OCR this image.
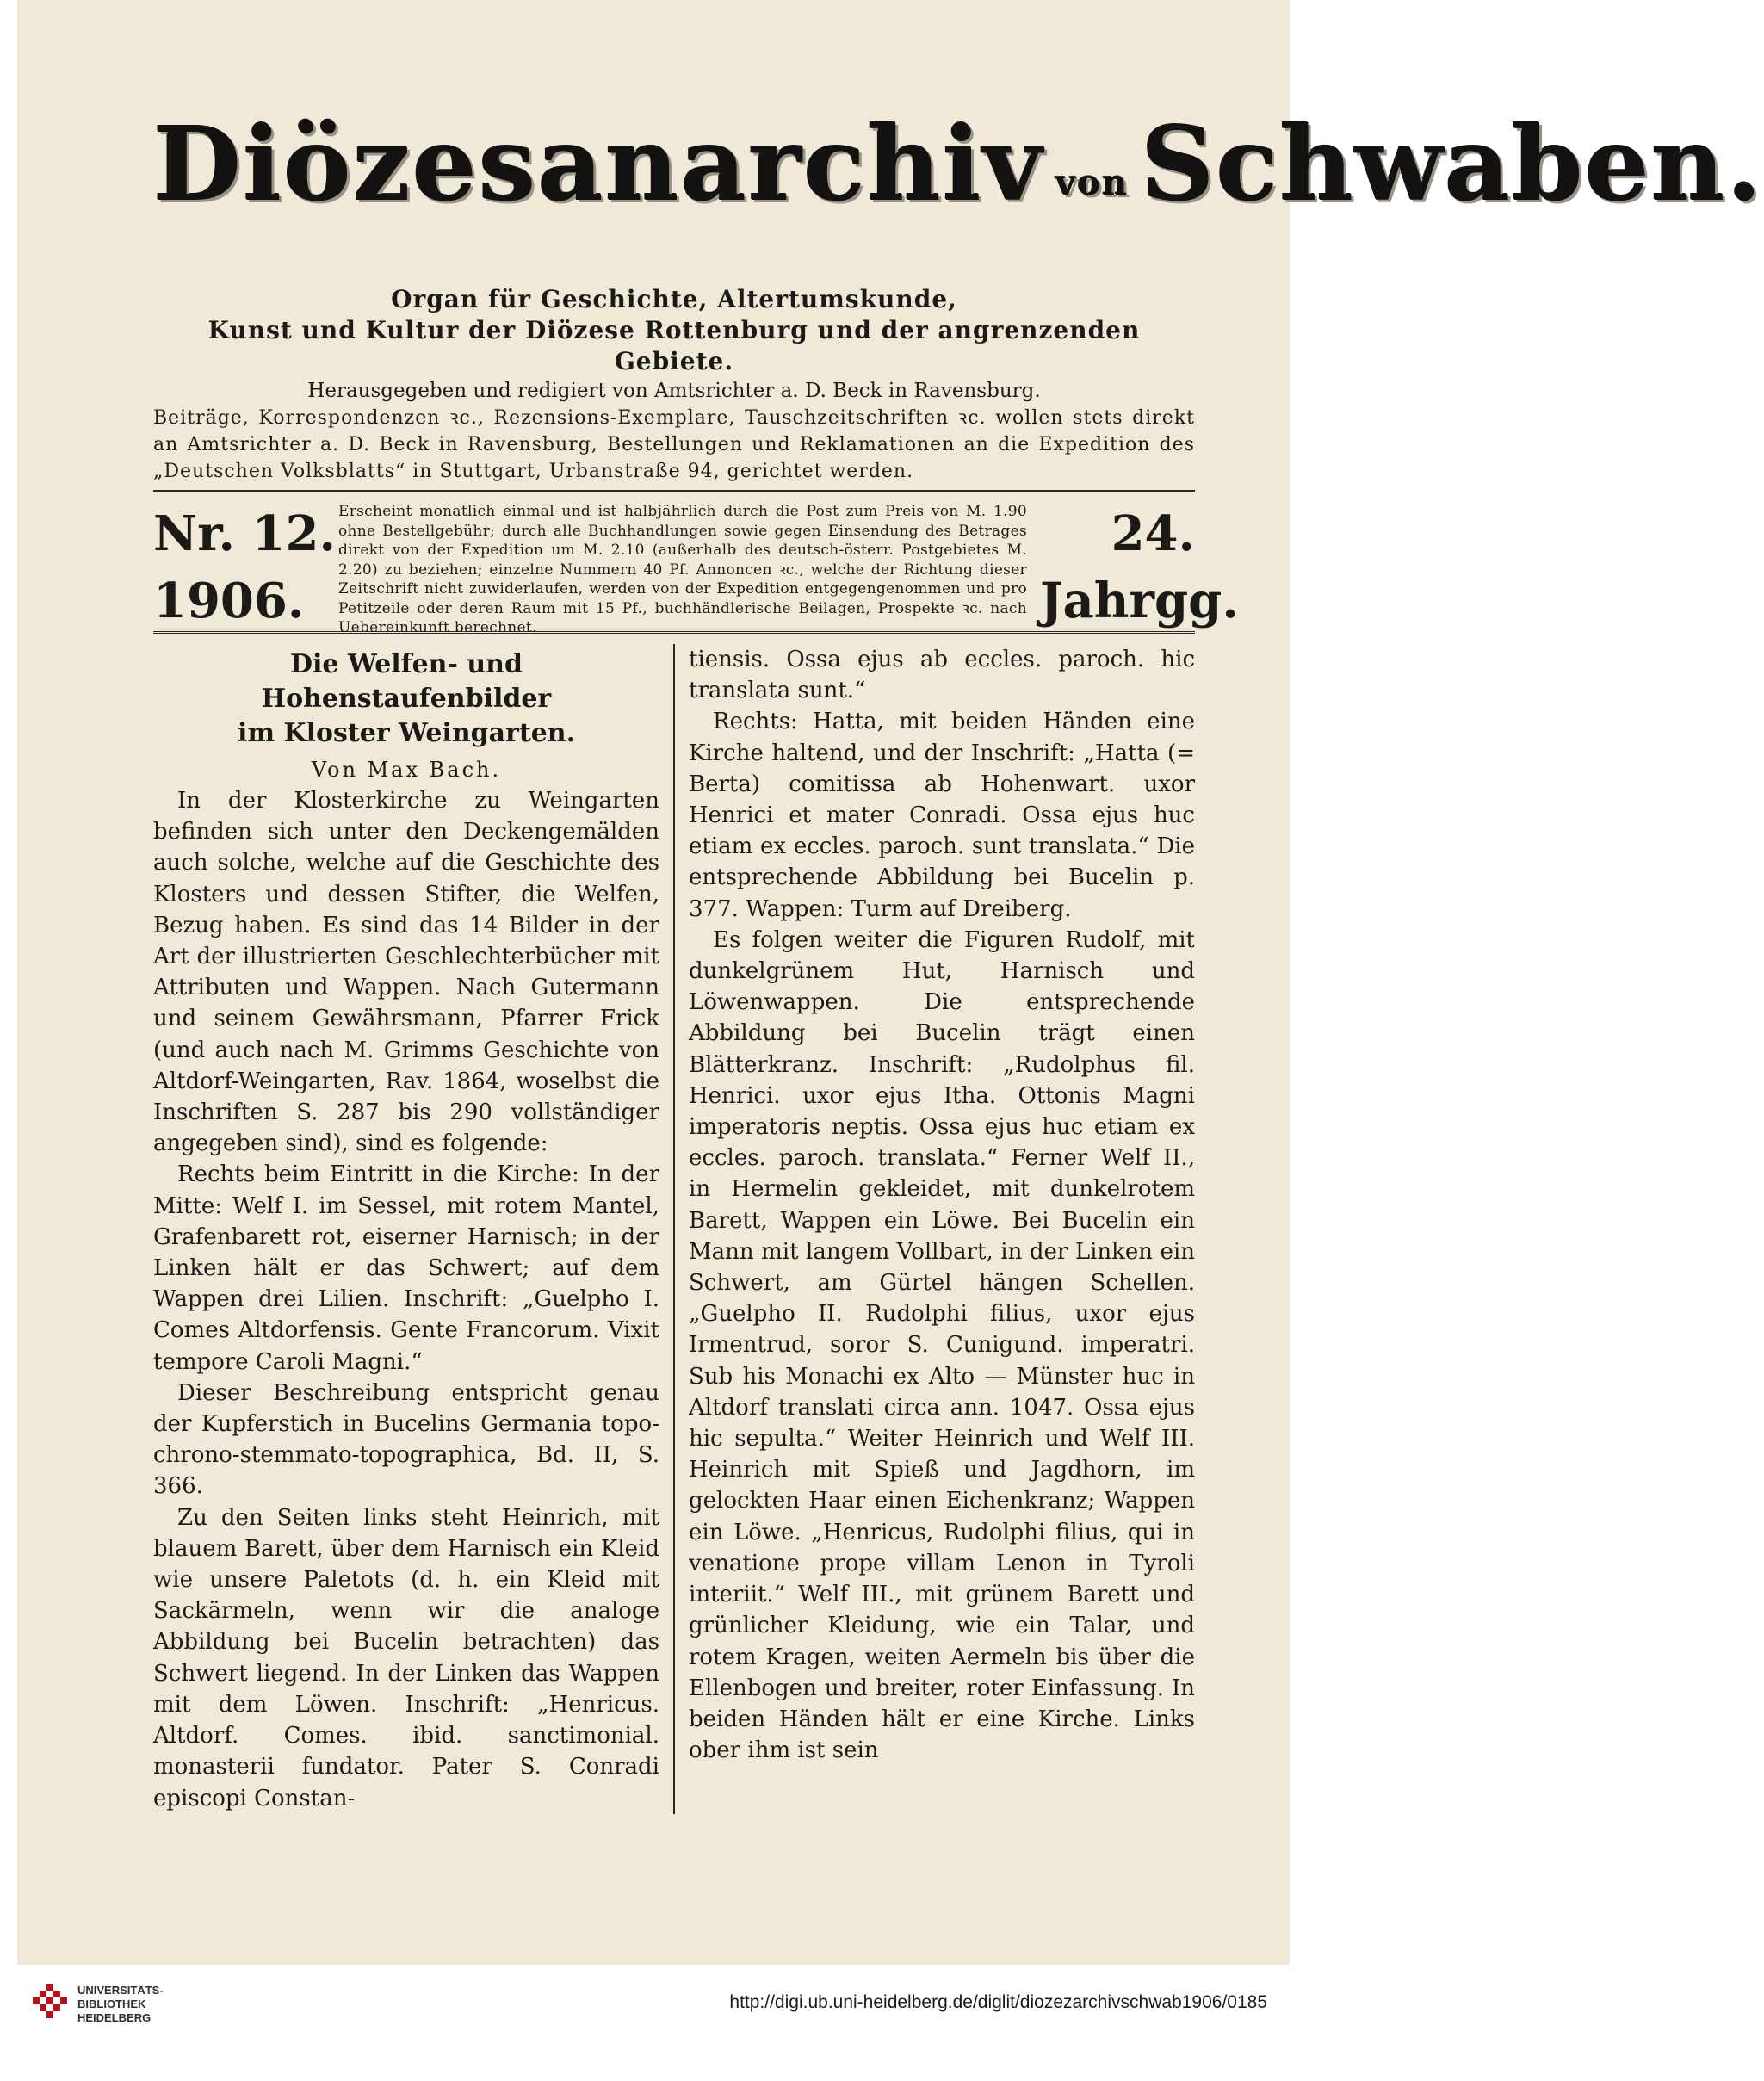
Diözesanarchiv von Schwaben.
Organ für Geschichte, Altertumskunde,
Kunst und Kultur der Diözese Rottenburg und der angrenzenden Gebiete.
Herausgegeben und redigiert von Amtsrichter a. D. Beck in Ravensburg.
Beiträge, Korrespondenzen ꝛc., Rezensions-Exemplare, Tauschzeitschriften ꝛc. wollen stets direkt an Amtsrichter a. D. Beck in Ravensburg, Bestellungen und Reklamationen an die Expedition des „Deutschen Volksblatts“ in Stuttgart, Urbanstraße 94, gerichtet werden.
Nr. 12.
1906.
Erscheint monatlich einmal und ist halbjährlich durch die Post zum Preis von M. 1.90 ohne Bestellgebühr; durch alle Buchhandlungen sowie gegen Einsendung des Betrages direkt von der Expedition um M. 2.10 (außerhalb des deutsch-österr. Postgebietes M. 2.20) zu beziehen; einzelne Nummern 40 Pf. Annoncen ꝛc., welche der Richtung dieser Zeitschrift nicht zuwiderlaufen, werden von der Expedition entgegengenommen und pro Petitzeile oder deren Raum mit 15 Pf., buchhändlerische Beilagen, Prospekte ꝛc. nach Uebereinkunft berechnet.
24.
Jahrgg.
Die Welfen- und Hohenstaufenbilder
im Kloster Weingarten.
Von Max Bach.

In der Klosterkirche zu Weingarten befinden sich unter den Deckengemälden auch solche, welche auf die Geschichte des Klosters und dessen Stifter, die Welfen, Bezug haben. Es sind das 14 Bilder in der Art der illustrierten Geschlechterbücher mit Attributen und Wappen. Nach Gutermann und seinem Gewährsmann, Pfarrer Frick (und auch nach M. Grimms Geschichte von Altdorf-Weingarten, Rav. 1864, woselbst die Inschriften S. 287 bis 290 vollständiger angegeben sind), sind es folgende:

Rechts beim Eintritt in die Kirche: In der Mitte: Welf I. im Sessel, mit rotem Mantel, Grafenbarett rot, eiserner Harnisch; in der Linken hält er das Schwert; auf dem Wappen drei Lilien. Inschrift: „Guelpho I. Comes Altdorfensis. Gente Francorum. Vixit tempore Caroli Magni.“

Dieser Beschreibung entspricht genau der Kupferstich in Bucelins Germania topo-chrono-stemmato-topographica, Bd. II, S. 366.

Zu den Seiten links steht Heinrich, mit blauem Barett, über dem Harnisch ein Kleid wie unsere Paletots (d. h. ein Kleid mit Sackärmeln, wenn wir die analoge Abbildung bei Bucelin betrachten) das Schwert liegend. In der Linken das Wappen mit dem Löwen. Inschrift: „Henricus. Altdorf. Comes. ibid. sanctimonial. monasterii fundator. Pater S. Conradi episcopi Constan-

tiensis. Ossa ejus ab eccles. paroch. hic translata sunt.“

Rechts: Hatta, mit beiden Händen eine Kirche haltend, und der Inschrift: „Hatta (= Berta) comitissa ab Hohenwart. uxor Henrici et mater Conradi. Ossa ejus huc etiam ex eccles. paroch. sunt translata.“ Die entsprechende Abbildung bei Bucelin p. 377. Wappen: Turm auf Dreiberg.

Es folgen weiter die Figuren Rudolf, mit dunkelgrünem Hut, Harnisch und Löwenwappen. Die entsprechende Abbildung bei Bucelin trägt einen Blätterkranz. Inschrift: „Rudolphus fil. Henrici. uxor ejus Itha. Ottonis Magni imperatoris neptis. Ossa ejus huc etiam ex eccles. paroch. translata.“ Ferner Welf II., in Hermelin gekleidet, mit dunkelrotem Barett, Wappen ein Löwe. Bei Bucelin ein Mann mit langem Vollbart, in der Linken ein Schwert, am Gürtel hängen Schellen. „Guelpho II. Rudolphi filius, uxor ejus Irmentrud, soror S. Cunigund. imperatri. Sub his Monachi ex Alto — Münster huc in Altdorf translati circa ann. 1047. Ossa ejus hic sepulta.“ Weiter Heinrich und Welf III. Heinrich mit Spieß und Jagdhorn, im gelockten Haar einen Eichenkranz; Wappen ein Löwe. „Henricus, Rudolphi filius, qui in venatione prope villam Lenon in Tyroli interiit.“ Welf III., mit grünem Barett und grünlicher Kleidung, wie ein Talar, und rotem Kragen, weiten Aermeln bis über die Ellenbogen und breiter, roter Einfassung. In beiden Händen hält er eine Kirche. Links ober ihm ist sein

UNIVERSITÄTS-
BIBLIOTHEK
HEIDELBERG
http://digi.ub.uni-heidelberg.de/diglit/diozezarchivschwab1906/0185
